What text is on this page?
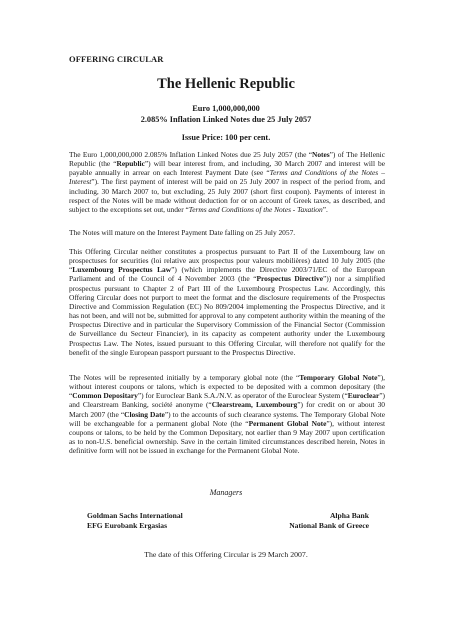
OFFERING CIRCULAR
The Hellenic Republic
Euro 1,000,000,000
2.085% Inflation Linked Notes due 25 July 2057
Issue Price: 100 per cent.

The Euro 1,000,000,000 2.085% Inflation Linked Notes due 25 July 2057 (the “Notes”) of The Hellenic Republic (the “Republic”) will bear interest from, and including, 30 March 2007 and interest will be payable annually in arrear on each Interest Payment Date (see “Terms and Conditions of the Notes – Interest”). The first payment of interest will be paid on 25 July 2007 in respect of the period from, and including, 30 March 2007 to, but excluding, 25 July 2007 (short first coupon). Payments of interest in respect of the Notes will be made without deduction for or on account of Greek taxes, as described, and subject to the exceptions set out, under “Terms and Conditions of the Notes - Taxation”.

The Notes will mature on the Interest Payment Date falling on 25 July 2057.

This Offering Circular neither constitutes a prospectus pursuant to Part II of the Luxembourg law on prospectuses for securities (loi relative aux prospectus pour valeurs mobilières) dated 10 July 2005 (the “Luxembourg Prospectus Law”) (which implements the Directive 2003/71/EC of the European Parliament and of the Council of 4 November 2003 (the “Prospectus Directive”)) nor a simplified prospectus pursuant to Chapter 2 of Part III of the Luxembourg Prospectus Law. Accordingly, this Offering Circular does not purport to meet the format and the disclosure requirements of the Prospectus Directive and Commission Regulation (EC) No 809/2004 implementing the Prospectus Directive, and it has not been, and will not be, submitted for approval to any competent authority within the meaning of the Prospectus Directive and in particular the Supervisory Commission of the Financial Sector (Commission de Surveillance du Secteur Financier), in its capacity as competent authority under the Luxembourg Prospectus Law. The Notes, issued pursuant to this Offering Circular, will therefore not qualify for the benefit of the single European passport pursuant to the Prospectus Directive.

The Notes will be represented initially by a temporary global note (the “Temporary Global Note”), without interest coupons or talons, which is expected to be deposited with a common depositary (the “Common Depositary”) for Euroclear Bank S.A./N.V. as operator of the Euroclear System (“Euroclear”) and Clearstream Banking, société anonyme (“Clearstream, Luxembourg”) for credit on or about 30 March 2007 (the “Closing Date”) to the accounts of such clearance systems. The Temporary Global Note will be exchangeable for a permanent global Note (the “Permanent Global Note”), without interest coupons or talons, to be held by the Common Depositary, not earlier than 9 May 2007 upon certification as to non-U.S. beneficial ownership. Save in the certain limited circumstances described herein, Notes in definitive form will not be issued in exchange for the Permanent Global Note.

Managers
Goldman Sachs International	Alpha Bank
EFG Eurobank Ergasias	National Bank of Greece
The date of this Offering Circular is 29 March 2007.
